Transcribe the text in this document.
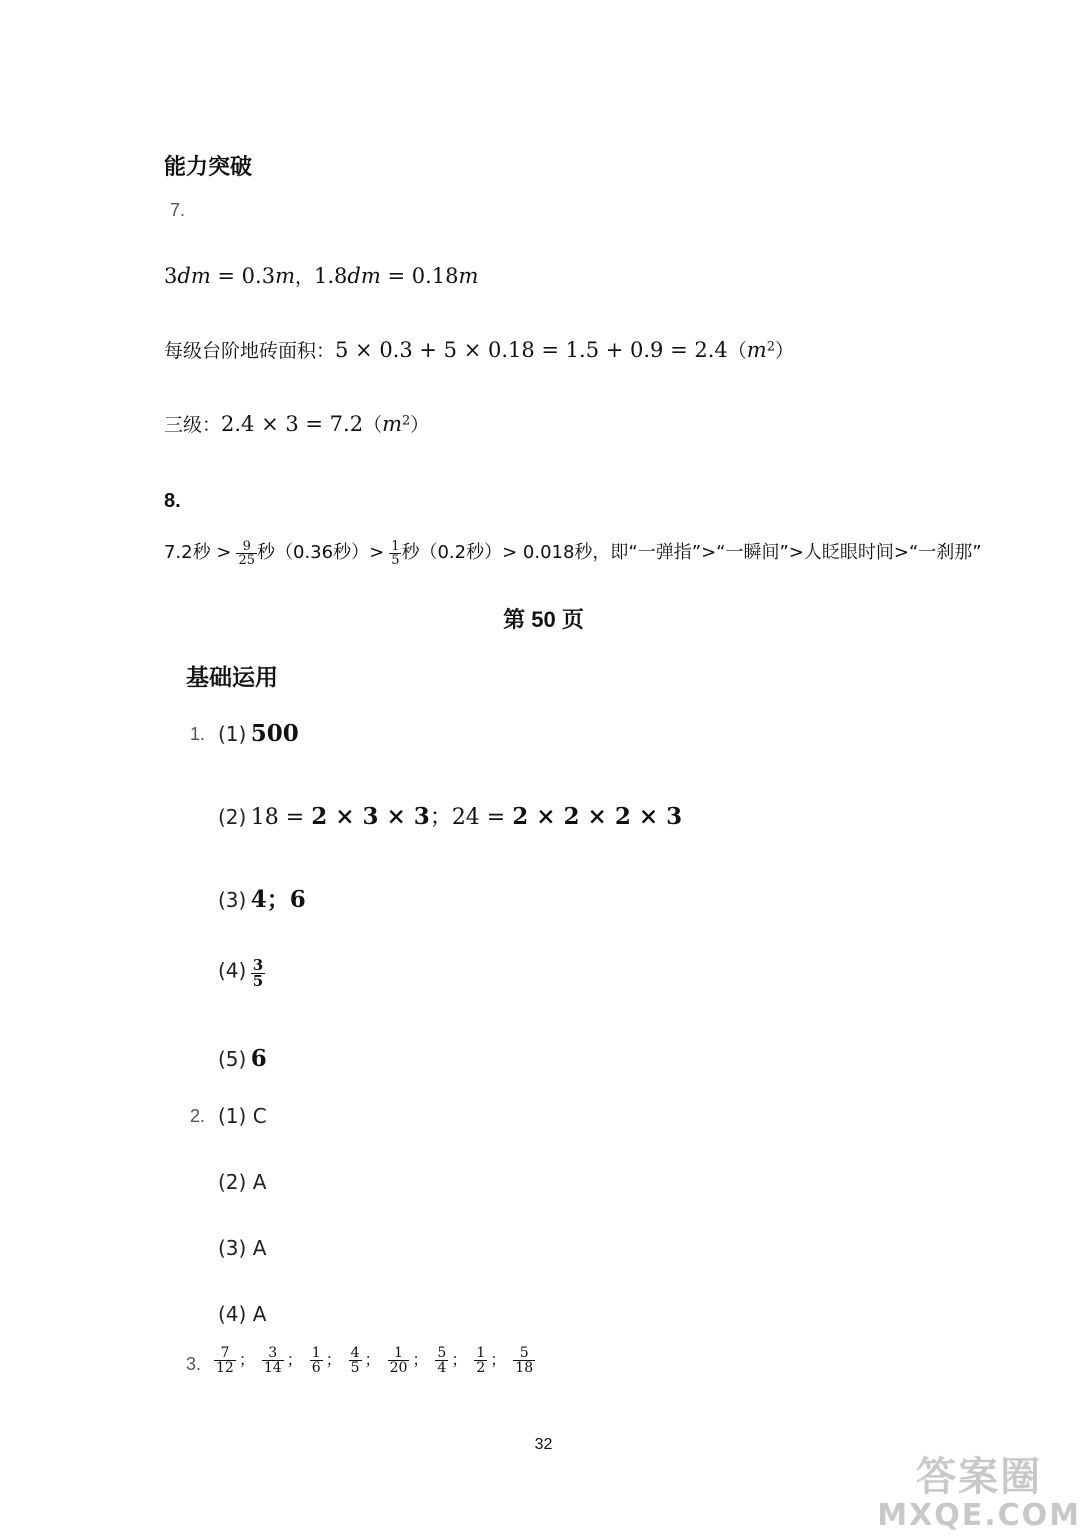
能力突破
7.
3dm = 0.3m，1.8dm = 0.18m
每级台阶地砖面积：$5 \times 0.3 + 5 \times 0.18 = 1.5 + 0.9 = 2.4(m^2)$
三级：$2.4 \times 3 = 7.2(m^2)$
8.
7.2秒 > $\frac{9}{25}$ 秒（0.36秒）> $\frac{1}{5}$ 秒（0.2秒）> 0.018秒，即“一弹指”>“一瞬间”>人眨眼时间>“一刹那”
第 50 页
基础运用
1. (1) 500
(2) 18 = 2 × 3 × 3；24 = 2 × 2 × 2 × 3
(3) 4；6
$(4) \frac{3}{5}$
(5) 6
2. (1) C
(2) A
(3) A
(4) A
3. $\frac{7}{12}$ ； $\frac{3}{14}$ ； $\frac{1}{6}$ ； $\frac{4}{5}$ ； $\frac{1}{20}$ ； $\frac{5}{4}$ ； $\frac{1}{2}$ ； $\frac{5}{18}$
32
答案圈
MXQE.COM
